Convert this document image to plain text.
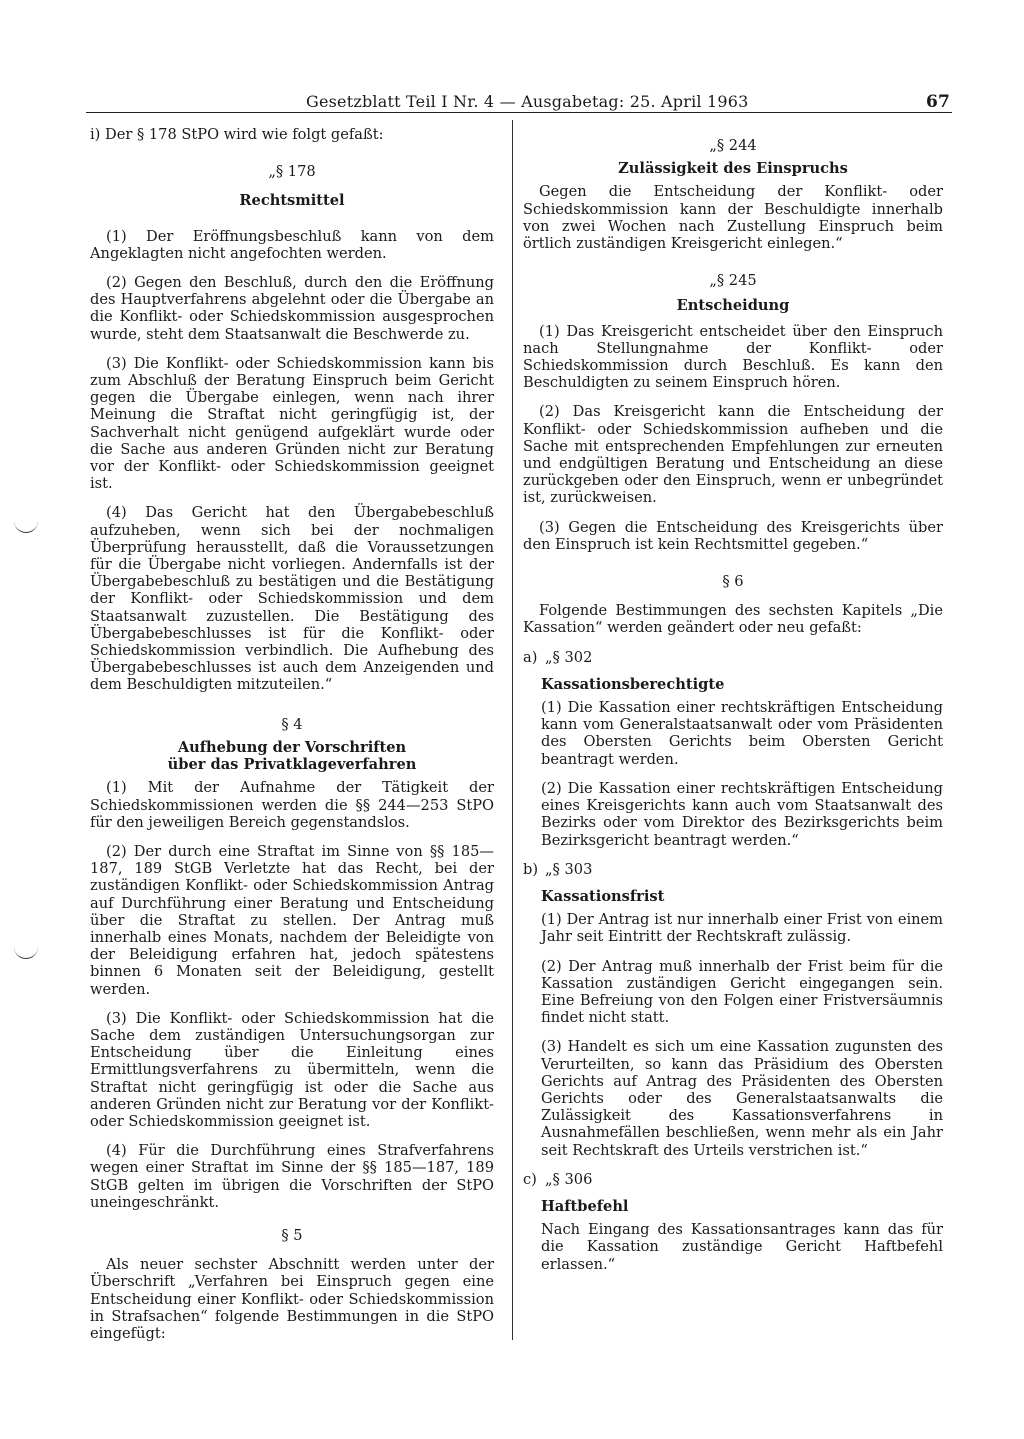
Gesetzblatt Teil I Nr. 4 — Ausgabetag: 25. April 1963	67

i) Der § 178 StPO wird wie folgt gefaßt:

„§ 178
Rechtsmittel

(1) Der Eröffnungsbeschluß kann von dem Angeklagten nicht angefochten werden.

(2) Gegen den Beschluß, durch den die Eröffnung des Hauptverfahrens abgelehnt oder die Übergabe an die Konflikt- oder Schiedskommission ausgesprochen wurde, steht dem Staatsanwalt die Beschwerde zu.

(3) Die Konflikt- oder Schiedskommission kann bis zum Abschluß der Beratung Einspruch beim Gericht gegen die Übergabe einlegen, wenn nach ihrer Meinung die Straftat nicht geringfügig ist, der Sachverhalt nicht genügend aufgeklärt wurde oder die Sache aus anderen Gründen nicht zur Beratung vor der Konflikt- oder Schiedskommission geeignet ist.

(4) Das Gericht hat den Übergabebeschluß aufzuheben, wenn sich bei der nochmaligen Überprüfung herausstellt, daß die Voraussetzungen für die Übergabe nicht vorliegen. Andernfalls ist der Übergabebeschluß zu bestätigen und die Bestätigung der Konflikt- oder Schiedskommission und dem Staatsanwalt zuzustellen. Die Bestätigung des Übergabebeschlusses ist für die Konflikt- oder Schiedskommission verbindlich. Die Aufhebung des Übergabebeschlusses ist auch dem Anzeigenden und dem Beschuldigten mitzuteilen.“

§ 4
Aufhebung der Vorschriften
über das Privatklageverfahren

(1) Mit der Aufnahme der Tätigkeit der Schiedskommissionen werden die §§ 244—253 StPO für den jeweiligen Bereich gegenstandslos.

(2) Der durch eine Straftat im Sinne von §§ 185—187, 189 StGB Verletzte hat das Recht, bei der zuständigen Konflikt- oder Schiedskommission Antrag auf Durchführung einer Beratung und Entscheidung über die Straftat zu stellen. Der Antrag muß innerhalb eines Monats, nachdem der Beleidigte von der Beleidigung erfahren hat, jedoch spätestens binnen 6 Monaten seit der Beleidigung, gestellt werden.

(3) Die Konflikt- oder Schiedskommission hat die Sache dem zuständigen Untersuchungsorgan zur Entscheidung über die Einleitung eines Ermittlungsverfahrens zu übermitteln, wenn die Straftat nicht geringfügig ist oder die Sache aus anderen Gründen nicht zur Beratung vor der Konflikt- oder Schiedskommission geeignet ist.

(4) Für die Durchführung eines Strafverfahrens wegen einer Straftat im Sinne der §§ 185—187, 189 StGB gelten im übrigen die Vorschriften der StPO uneingeschränkt.

§ 5

Als neuer sechster Abschnitt werden unter der Überschrift „Verfahren bei Einspruch gegen eine Entscheidung einer Konflikt- oder Schiedskommission in Strafsachen“ folgende Bestimmungen in die StPO eingefügt:

„§ 244
Zulässigkeit des Einspruchs

Gegen die Entscheidung der Konflikt- oder Schiedskommission kann der Beschuldigte innerhalb von zwei Wochen nach Zustellung Einspruch beim örtlich zuständigen Kreisgericht einlegen.“

„§ 245
Entscheidung

(1) Das Kreisgericht entscheidet über den Einspruch nach Stellungnahme der Konflikt- oder Schiedskommission durch Beschluß. Es kann den Beschuldigten zu seinem Einspruch hören.

(2) Das Kreisgericht kann die Entscheidung der Konflikt- oder Schiedskommission aufheben und die Sache mit entsprechenden Empfehlungen zur erneuten und endgültigen Beratung und Entscheidung an diese zurückgeben oder den Einspruch, wenn er unbegründet ist, zurückweisen.

(3) Gegen die Entscheidung des Kreisgerichts über den Einspruch ist kein Rechtsmittel gegeben.“

§ 6

Folgende Bestimmungen des sechsten Kapitels „Die Kassation“ werden geändert oder neu gefaßt:

a) „§ 302
Kassationsberechtigte

(1) Die Kassation einer rechtskräftigen Entscheidung kann vom Generalstaatsanwalt oder vom Präsidenten des Obersten Gerichts beim Obersten Gericht beantragt werden.

(2) Die Kassation einer rechtskräftigen Entscheidung eines Kreisgerichts kann auch vom Staatsanwalt des Bezirks oder vom Direktor des Bezirksgerichts beim Bezirksgericht beantragt werden.“

b) „§ 303
Kassationsfrist

(1) Der Antrag ist nur innerhalb einer Frist von einem Jahr seit Eintritt der Rechtskraft zulässig.

(2) Der Antrag muß innerhalb der Frist beim für die Kassation zuständigen Gericht eingegangen sein. Eine Befreiung von den Folgen einer Fristversäumnis findet nicht statt.

(3) Handelt es sich um eine Kassation zugunsten des Verurteilten, so kann das Präsidium des Obersten Gerichts auf Antrag des Präsidenten des Obersten Gerichts oder des Generalstaatsanwalts die Zulässigkeit des Kassationsverfahrens in Ausnahmefällen beschließen, wenn mehr als ein Jahr seit Rechtskraft des Urteils verstrichen ist.“

c) „§ 306
Haftbefehl

Nach Eingang des Kassationsantrages kann das für die Kassation zuständige Gericht Haftbefehl erlassen.“
